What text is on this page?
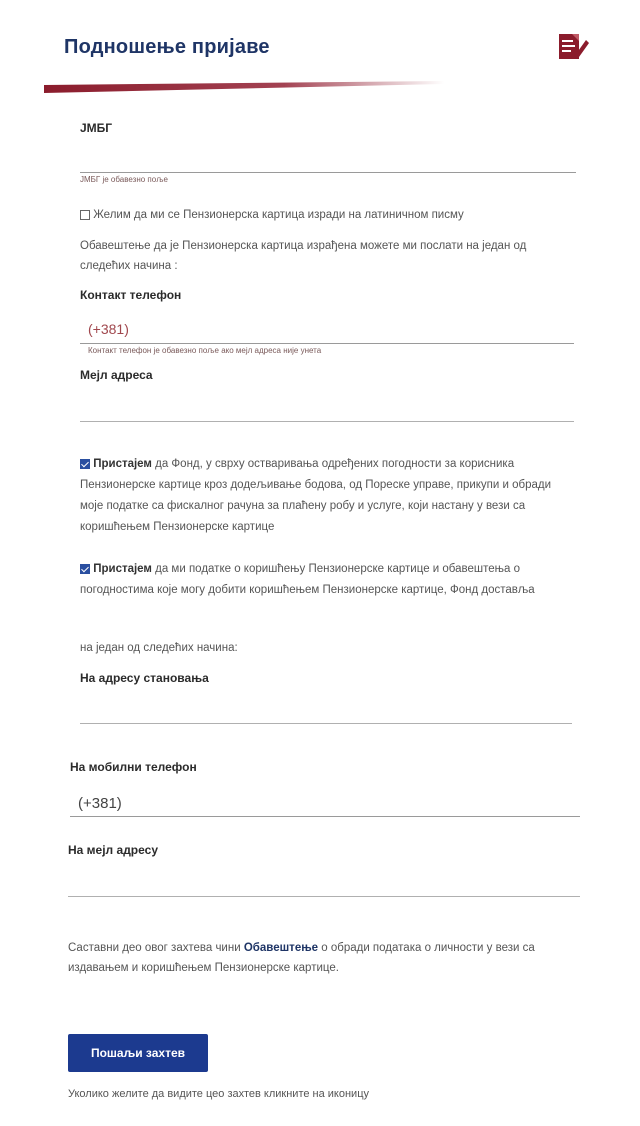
Подношење пријаве
ЈМБГ
ЈМБГ је обавезно поље
Желим да ми се Пензионерска картица изради на латиничном писму
Обавештење да је Пензионерска картица израђена можете ми послати на један од следећих начина :
Контакт телефон
(+381)
Контакт телефон је обавезно поље ако мејл адреса није унета
Мејл адреса
Пристајем да Фонд, у сврху остваривања одређених погодности за корисника Пензионерске картице кроз додељивање бодова, од Пореске управе, прикупи и обради моје податке са фискалног рачуна за плаћену робу и услуге, који настану у вези са коришћењем Пензионерске картице
Пристајем да ми податке о коришћењу Пензионерске картице и обавештења о погодностима које могу добити коришћењем Пензионерске картице, Фонд доставља
на један од следећих начина:
На адресу становања
На мобилни телефон
(+381)
На мејл адресу
Саставни део овог захтева чини Обавештење о обради података о личности у вези са издавањем и коришћењем Пензионерске картице.
Пошаљи захтев
Уколико желите да видите цео захтев кликните на иконицу
